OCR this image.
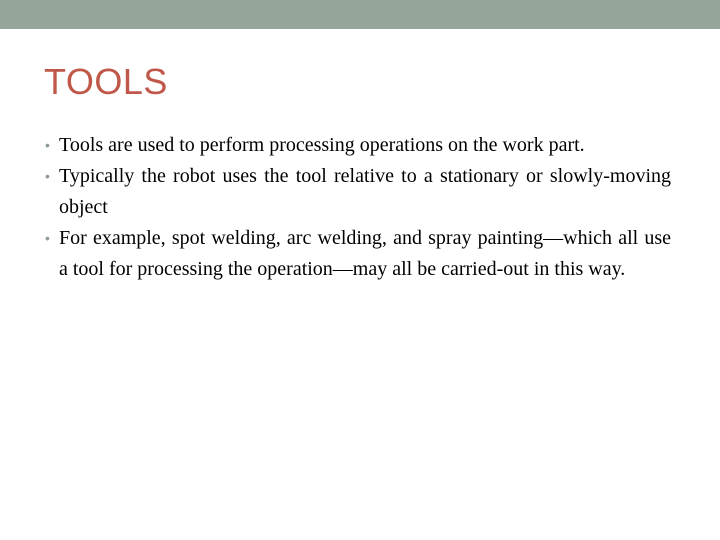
TOOLS
• Tools are used to perform processing operations on the work part.
• Typically the robot uses the tool relative to a stationary or slowly-moving object
• For example, spot welding, arc welding, and spray painting—which all use a tool for processing the operation—may all be carried-out in this way.
